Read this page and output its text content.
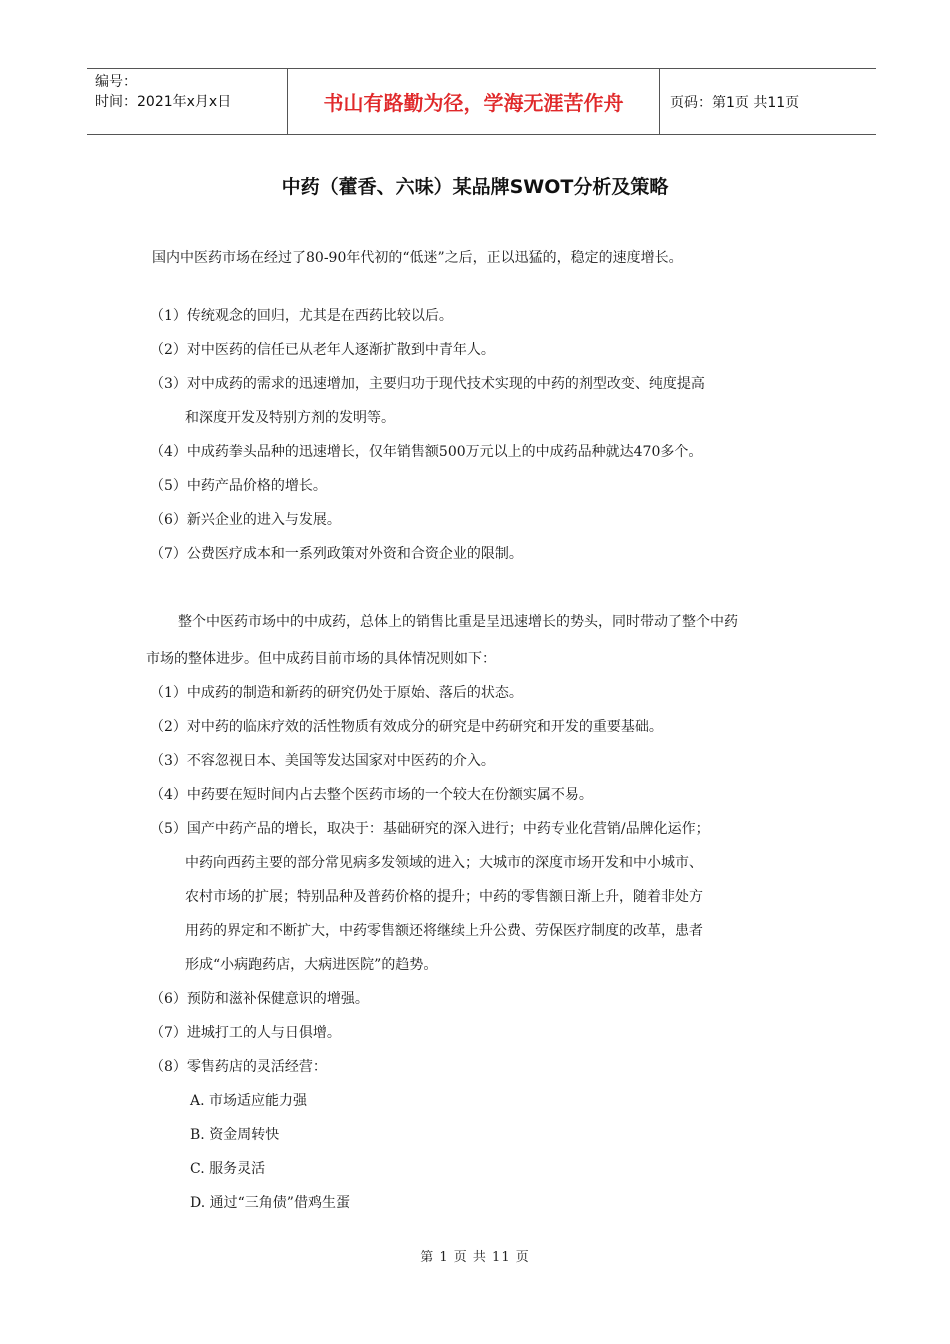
编号：
时间：2021年x月x日	书山有路勤为径，学海无涯苦作舟	页码：第1页 共11页
中药（藿香、六味）某品牌SWOT分析及策略
国内中医药市场在经过了80-90年代初的“低迷”之后，正以迅猛的，稳定的速度增长。
（1）传统观念的回归，尤其是在西药比较以后。
（2）对中医药的信任已从老年人逐渐扩散到中青年人。
（3）对中成药的需求的迅速增加，主要归功于现代技术实现的中药的剂型改变、纯度提高
和深度开发及特别方剂的发明等。
（4）中成药拳头品种的迅速增长，仅年销售额500万元以上的中成药品种就达470多个。
（5）中药产品价格的增长。
（6）新兴企业的进入与发展。
（7）公费医疗成本和一系列政策对外资和合资企业的限制。
整个中医药市场中的中成药，总体上的销售比重是呈迅速增长的势头，同时带动了整个中药
市场的整体进步。但中成药目前市场的具体情况则如下：
（1）中成药的制造和新药的研究仍处于原始、落后的状态。
（2）对中药的临床疗效的活性物质有效成分的研究是中药研究和开发的重要基础。
（3）不容忽视日本、美国等发达国家对中医药的介入。
（4）中药要在短时间内占去整个医药市场的一个较大在份额实属不易。
（5）国产中药产品的增长，取决于：基础研究的深入进行；中药专业化营销/品牌化运作；
中药向西药主要的部分常见病多发领域的进入；大城市的深度市场开发和中小城市、
农村市场的扩展；特别品种及普药价格的提升；中药的零售额日渐上升，随着非处方
用药的界定和不断扩大，中药零售额还将继续上升公费、劳保医疗制度的改革，患者
形成“小病跑药店，大病进医院”的趋势。
（6）预防和滋补保健意识的增强。
（7）进城打工的人与日俱增。
（8）零售药店的灵活经营：
A. 市场适应能力强
B. 资金周转快
C. 服务灵活
D. 通过“三角债”借鸡生蛋
第 1 页 共 11 页
